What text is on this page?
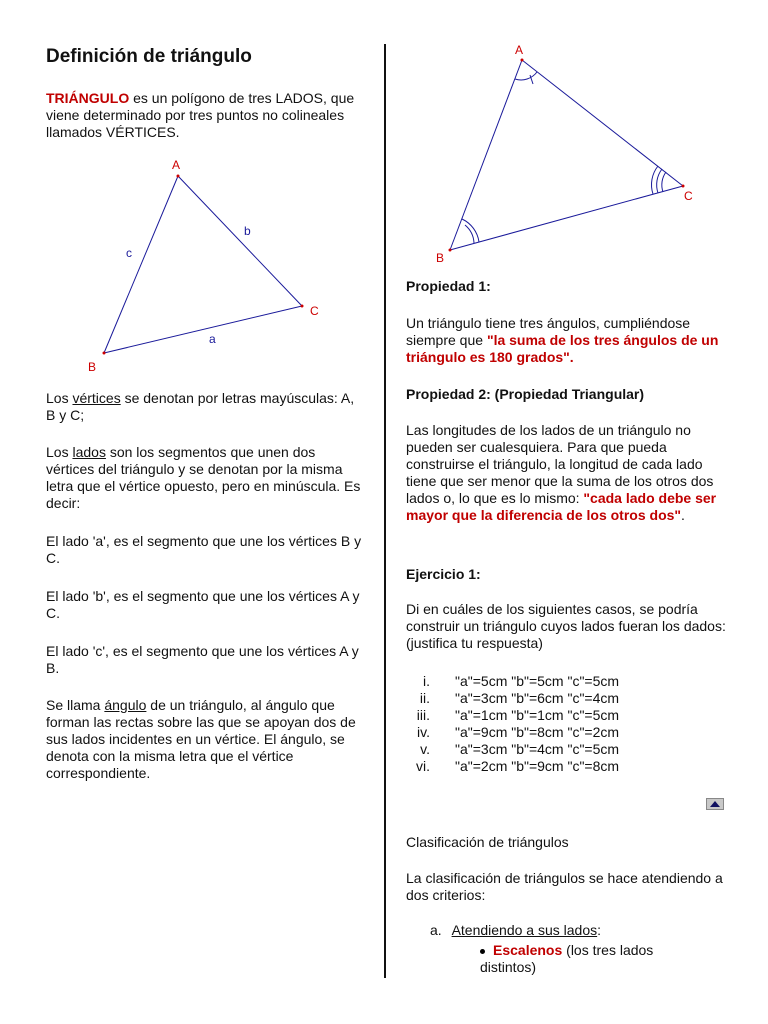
Definición de triángulo

TRIÁNGULO es un polígono de tres LADOS, que viene determinado por tres puntos no colineales llamados VÉRTICES.

A
B
C
a
b
c

Los vértices se denotan por letras mayúsculas: A, B y C;

Los lados son los segmentos que unen dos vértices del triángulo y se denotan por la misma letra que el vértice opuesto, pero en minúscula. Es decir:

El lado 'a', es el segmento que une los vértices B y C.

El lado 'b', es el segmento que une los vértices A y C.

El lado 'c', es el segmento que une los vértices A y B.

Se llama ángulo de un triángulo, al ángulo que forman las rectas sobre las que se apoyan dos de sus lados incidentes en un vértice. El ángulo, se denota con la misma letra que el vértice correspondiente.

A
B
C

Propiedad 1:

Un triángulo tiene tres ángulos, cumpliéndose siempre que "la suma de los tres ángulos de un triángulo es 180 grados".

Propiedad 2: (Propiedad Triangular)

Las longitudes de los lados de un triángulo no pueden ser cualesquiera. Para que pueda construirse el triángulo, la longitud de cada lado tiene que ser menor que la suma de los otros dos lados o, lo que es lo mismo: "cada lado debe ser mayor que la diferencia de los otros dos".

Ejercicio 1:

Di en cuáles de los siguientes casos, se podría construir un triángulo cuyos lados fueran los dados: (justifica tu respuesta)

i. "a"=5cm "b"=5cm "c"=5cm
ii. "a"=3cm "b"=6cm "c"=4cm
iii. "a"=1cm "b"=1cm "c"=5cm
iv. "a"=9cm "b"=8cm "c"=2cm
v. "a"=3cm "b"=4cm "c"=5cm
vi. "a"=2cm "b"=9cm "c"=8cm

Clasificación de triángulos

La clasificación de triángulos se hace atendiendo a dos criterios:

a. Atendiendo a sus lados:
Escalenos (los tres lados distintos)
